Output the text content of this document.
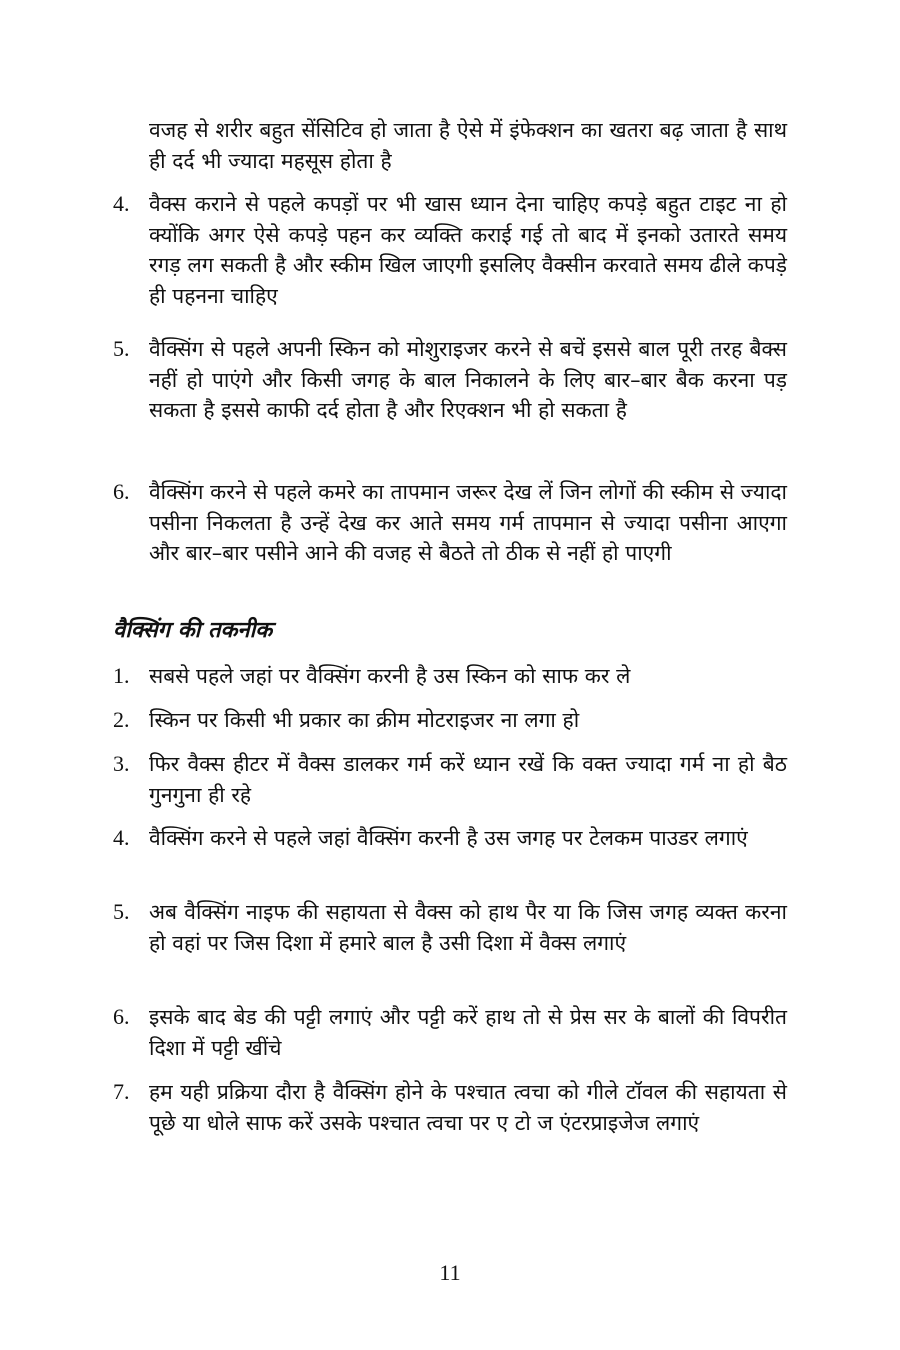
वजह से शरीर बहुत सेंसिटिव हो जाता है ऐसे में इंफेक्शन का खतरा बढ़ जाता है साथ ही दर्द भी ज्यादा महसूस होता है

4. वैक्स कराने से पहले कपड़ों पर भी खास ध्यान देना चाहिए कपड़े बहुत टाइट ना हो क्योंकि अगर ऐसे कपड़े पहन कर व्यक्ति कराई गई तो बाद में इनको उतारते समय रगड़ लग सकती है और स्कीम खिल जाएगी इसलिए वैक्सीन करवाते समय ढीले कपड़े ही पहनना चाहिए
5. वैक्सिंग से पहले अपनी स्किन को मोशुराइजर करने से बचें इससे बाल पूरी तरह बैक्स नहीं हो पाएंगे और किसी जगह के बाल निकालने के लिए बार–बार बैक करना पड़ सकता है इससे काफी दर्द होता है और रिएक्शन भी हो सकता है
6. वैक्सिंग करने से पहले कमरे का तापमान जरूर देख लें जिन लोगों की स्कीम से ज्यादा पसीना निकलता है उन्हें देख कर आते समय गर्म तापमान से ज्यादा पसीना आएगा और बार–बार पसीने आने की वजह से बैठते तो ठीक से नहीं हो पाएगी
वैक्सिंग की तकनीक
1. सबसे पहले जहां पर वैक्सिंग करनी है उस स्किन को साफ कर ले
2. स्किन पर किसी भी प्रकार का क्रीम मोटराइजर ना लगा हो
3. फिर वैक्स हीटर में वैक्स डालकर गर्म करें ध्यान रखें कि वक्त ज्यादा गर्म ना हो बैठ गुनगुना ही रहे
4. वैक्सिंग करने से पहले जहां वैक्सिंग करनी है उस जगह पर टेलकम पाउडर लगाएं
5. अब वैक्सिंग नाइफ की सहायता से वैक्स को हाथ पैर या कि जिस जगह व्यक्त करना हो वहां पर जिस दिशा में हमारे बाल है उसी दिशा में वैक्स लगाएं
6. इसके बाद बेड की पट्टी लगाएं और पट्टी करें हाथ तो से प्रेस सर के बालों की विपरीत दिशा में पट्टी खींचे
7. हम यही प्रक्रिया दौरा है वैक्सिंग होने के पश्चात त्वचा को गीले टॉवल की सहायता से पूछे या धोले साफ करें उसके पश्चात त्वचा पर ए टो ज एंटरप्राइजेज लगाएं
11
